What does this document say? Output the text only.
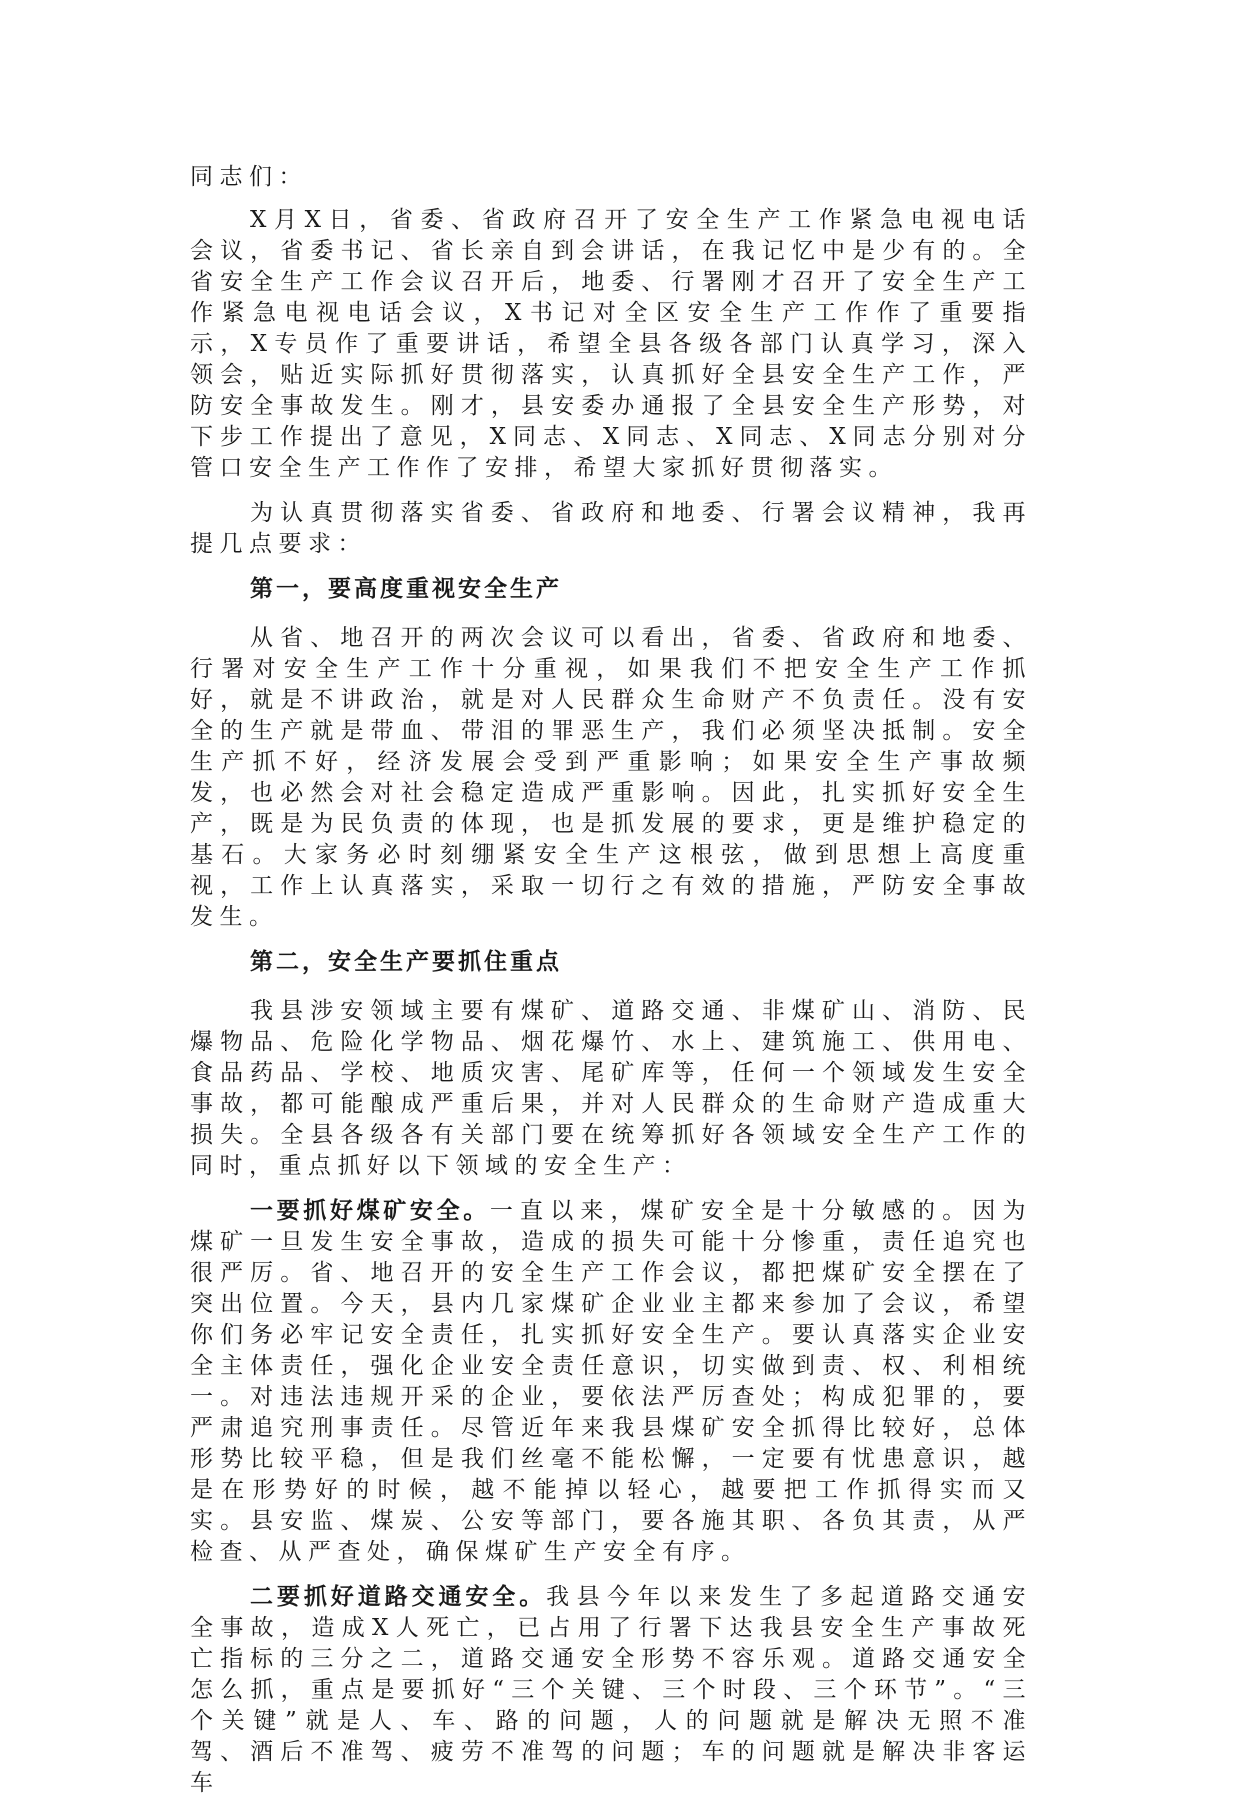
同志们：

X月X日，省委、省政府召开了安全生产工作紧急电视电话会议，省委书记、省长亲自到会讲话，在我记忆中是少有的。全省安全生产工作会议召开后，地委、行署刚才召开了安全生产工作紧急电视电话会议，X书记对全区安全生产工作作了重要指示，X专员作了重要讲话，希望全县各级各部门认真学习，深入领会，贴近实际抓好贯彻落实，认真抓好全县安全生产工作，严防安全事故发生。刚才，县安委办通报了全县安全生产形势，对下步工作提出了意见，X同志、X同志、X同志、X同志分别对分管口安全生产工作作了安排，希望大家抓好贯彻落实。

为认真贯彻落实省委、省政府和地委、行署会议精神，我再提几点要求：

第一，要高度重视安全生产

从省、地召开的两次会议可以看出，省委、省政府和地委、行署对安全生产工作十分重视，如果我们不把安全生产工作抓好，就是不讲政治，就是对人民群众生命财产不负责任。没有安全的生产就是带血、带泪的罪恶生产，我们必须坚决抵制。安全生产抓不好，经济发展会受到严重影响；如果安全生产事故频发，也必然会对社会稳定造成严重影响。因此，扎实抓好安全生产，既是为民负责的体现，也是抓发展的要求，更是维护稳定的基石。大家务必时刻绷紧安全生产这根弦，做到思想上高度重视，工作上认真落实，采取一切行之有效的措施，严防安全事故发生。

第二，安全生产要抓住重点

我县涉安领域主要有煤矿、道路交通、非煤矿山、消防、民爆物品、危险化学物品、烟花爆竹、水上、建筑施工、供用电、食品药品、学校、地质灾害、尾矿库等，任何一个领域发生安全事故，都可能酿成严重后果，并对人民群众的生命财产造成重大损失。全县各级各有关部门要在统筹抓好各领域安全生产工作的同时，重点抓好以下领域的安全生产：

一要抓好煤矿安全。一直以来，煤矿安全是十分敏感的。因为煤矿一旦发生安全事故，造成的损失可能十分惨重，责任追究也很严厉。省、地召开的安全生产工作会议，都把煤矿安全摆在了突出位置。今天，县内几家煤矿企业业主都来参加了会议，希望你们务必牢记安全责任，扎实抓好安全生产。要认真落实企业安全主体责任，强化企业安全责任意识，切实做到责、权、利相统一。对违法违规开采的企业，要依法严厉查处；构成犯罪的，要严肃追究刑事责任。尽管近年来我县煤矿安全抓得比较好，总体形势比较平稳，但是我们丝毫不能松懈，一定要有忧患意识，越是在形势好的时候，越不能掉以轻心，越要把工作抓得实而又实。县安监、煤炭、公安等部门，要各施其职、各负其责，从严检查、从严查处，确保煤矿生产安全有序。

二要抓好道路交通安全。我县今年以来发生了多起道路交通安全事故，造成X人死亡，已占用了行署下达我县安全生产事故死亡指标的三分之二，道路交通安全形势不容乐观。道路交通安全怎么抓，重点是要抓好“三个关键、三个时段、三个环节”。“三个关键”就是人、车、路的问题，人的问题就是解决无照不准驾、酒后不准驾、疲劳不准驾的问题；车的问题就是解决非客运车
